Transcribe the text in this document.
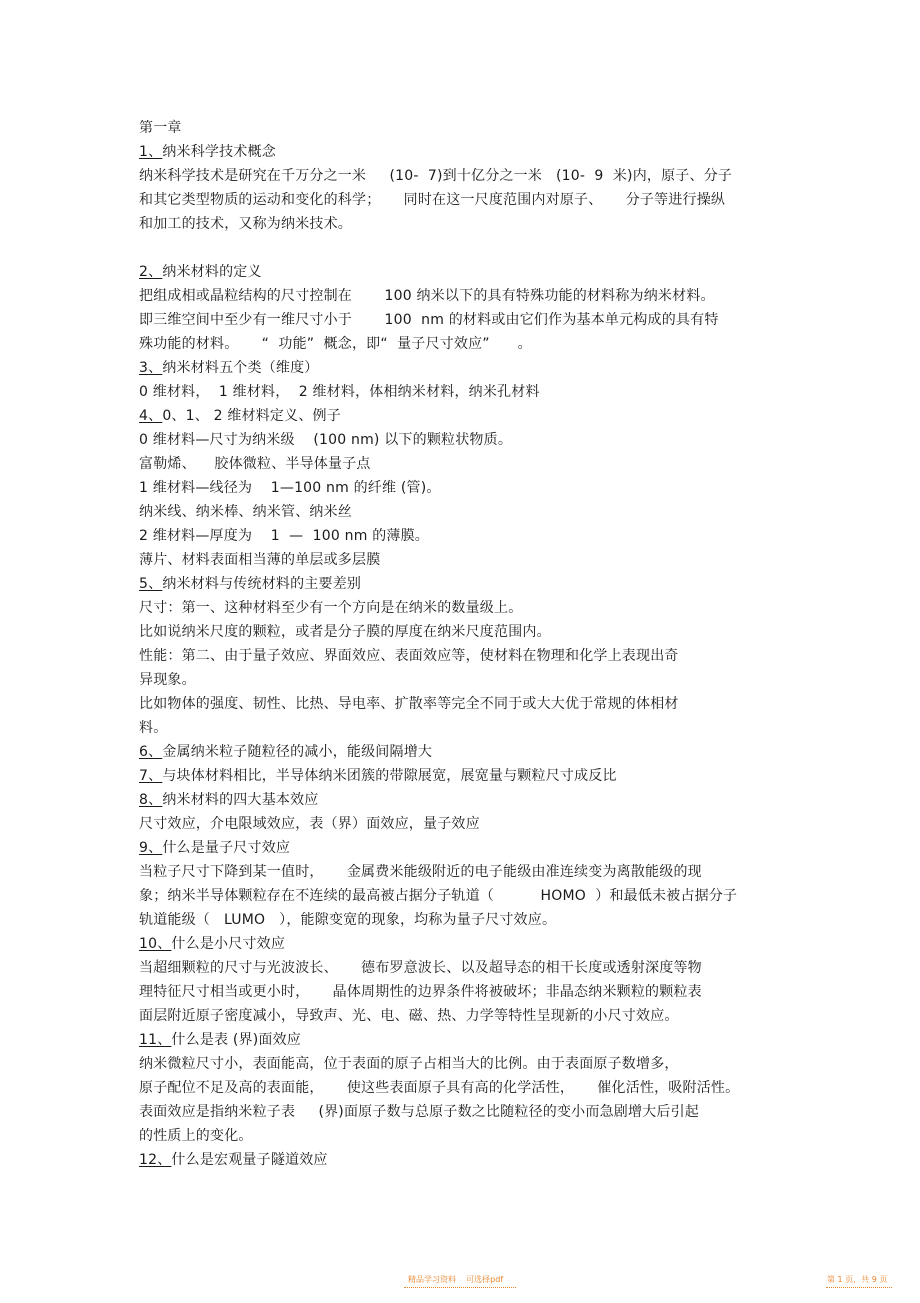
第一章
1、纳米科学技术概念
纳米科学技术是研究在千万分之一米     (10-  7)到十亿分之一米   (10-  9  米)内，原子、分子
和其它类型物质的运动和变化的科学；     同时在这一尺度范围内对原子、     分子等进行操纵
和加工的技术，又称为纳米技术。
2、纳米材料的定义
把组成相或晶粒结构的尺寸控制在       100 纳米以下的具有特殊功能的材料称为纳米材料。
即三维空间中至少有一维尺寸小于       100  nm 的材料或由它们作为基本单元构成的具有特
殊功能的材料。     “  功能”  概念，即“  量子尺寸效应”      。
3、纳米材料五个类（维度）
0 维材料，  1 维材料，  2 维材料，体相纳米材料，纳米孔材料
4、0、1、 2 维材料定义、例子
0 维材料—尺寸为纳米级    (100 nm) 以下的颗粒状物质。
富勒烯、    胶体微粒、半导体量子点
1 维材料—线径为    1—100 nm 的纤维 (管)。
纳米线、纳米棒、纳米管、纳米丝
2 维材料—厚度为    1  —  100 nm 的薄膜。
薄片、材料表面相当薄的单层或多层膜
5、纳米材料与传统材料的主要差别
尺寸：第一、这种材料至少有一个方向是在纳米的数量级上。
比如说纳米尺度的颗粒，或者是分子膜的厚度在纳米尺度范围内。
性能：第二、由于量子效应、界面效应、表面效应等，使材料在物理和化学上表现出奇
异现象。
比如物体的强度、韧性、比热、导电率、扩散率等完全不同于或大大优于常规的体相材
料。
6、金属纳米粒子随粒径的减小，能级间隔增大
7、与块体材料相比，半导体纳米团簇的带隙展宽，展宽量与颗粒尺寸成反比
8、纳米材料的四大基本效应
尺寸效应，介电限域效应，表（界）面效应，量子效应
9、什么是量子尺寸效应
当粒子尺寸下降到某一值时，     金属费米能级附近的电子能级由准连续变为离散能级的现
象；纳米半导体颗粒存在不连续的最高被占据分子轨道（          HOMO  ）和最低未被占据分子
轨道能级（   LUMO   ），能隙变宽的现象，均称为量子尺寸效应。
10、什么是小尺寸效应
当超细颗粒的尺寸与光波波长、     德布罗意波长、以及超导态的相干长度或透射深度等物
理特征尺寸相当或更小时，     晶体周期性的边界条件将被破坏；非晶态纳米颗粒的颗粒表
面层附近原子密度减小，导致声、光、电、磁、热、力学等特性呈现新的小尺寸效应。
11、什么是表 (界)面效应
纳米微粒尺寸小，表面能高，位于表面的原子占相当大的比例。由于表面原子数增多，
原子配位不足及高的表面能，     使这些表面原子具有高的化学活性，     催化活性，吸附活性。
表面效应是指纳米粒子表     (界)面原子数与总原子数之比随粒径的变小而急剧增大后引起
的性质上的变化。
12、什么是宏观量子隧道效应
精品学习资料    可选择pdf	第 1 页，共 9 页
